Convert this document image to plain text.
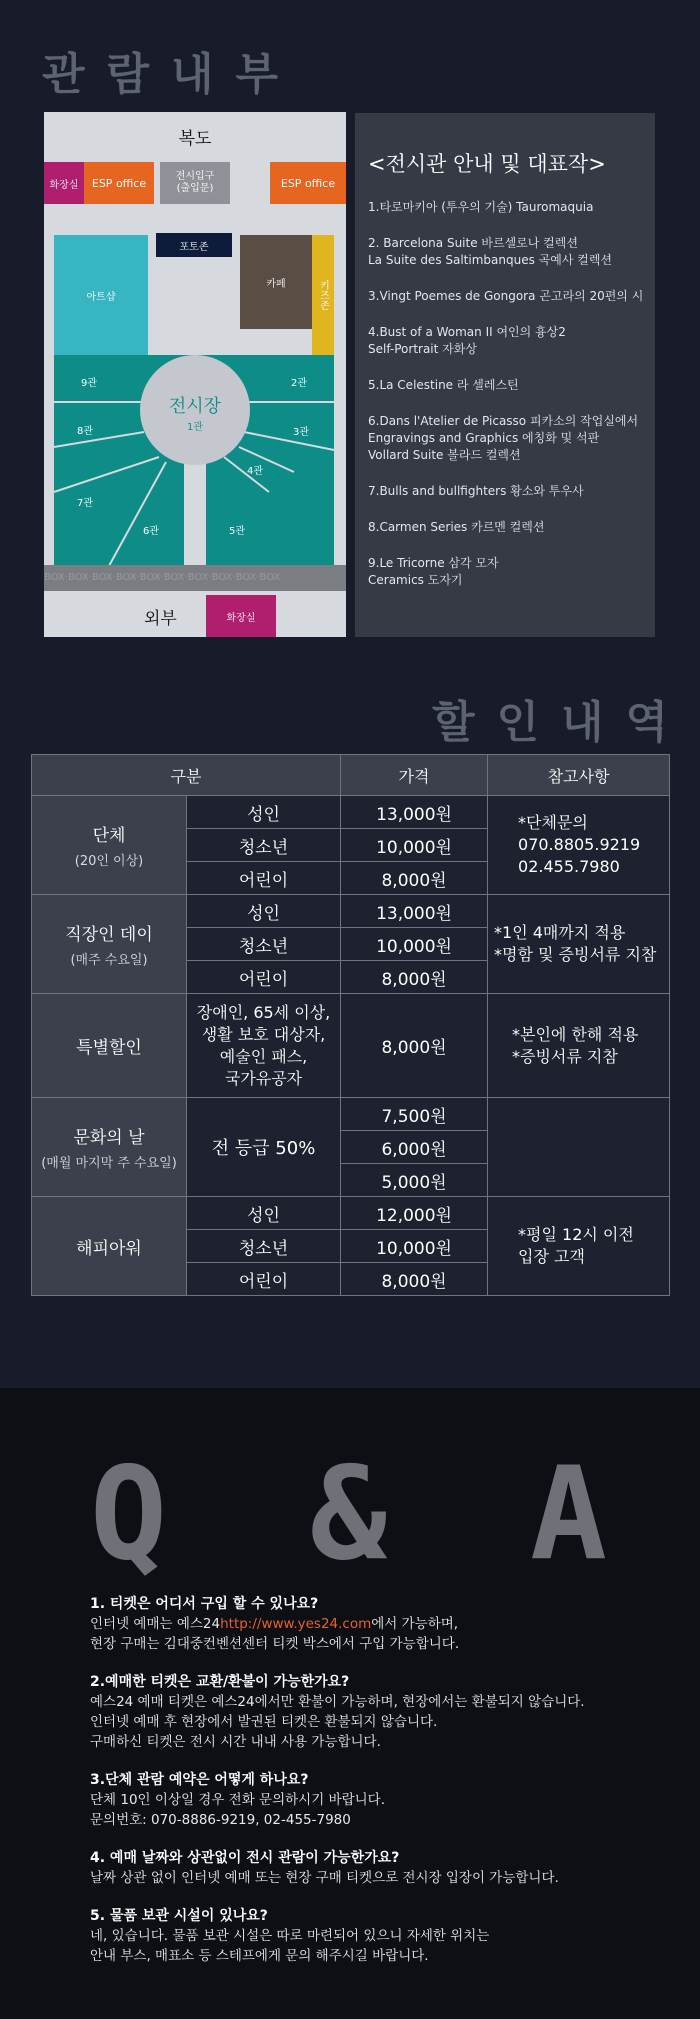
관람내부
복도
화장실	ESP office	전시입구
(출입문)	ESP office
포토존
아트샵
카페	키즈존
전시장
1관
9관	2관
8관	3관
4관
7관
6관	5관
BOX·BOX·BOX·BOX·BOX·BOX·BOX·BOX·BOX·BOX
외부	화장실
<전시관 안내 및 대표작>
1.타로마키아 (투우의 기술) Tauromaquia
2. Barcelona Suite 바르셀로나 컬렉션
La Suite des Saltimbanques 곡예사 컬렉션
3.Vingt Poemes de Gongora 곤고라의 20편의 시
4.Bust of a Woman II 여인의 흉상2
Self-Portrait 자화상
5.La Celestine 라 셀레스틴
6.Dans l'Atelier de Picasso 피카소의 작업실에서
Engravings and Graphics 에칭화 및 석판
Vollard Suite 볼라드 컬렉션
7.Bulls and bullfighters 황소와 투우사
8.Carmen Series 카르멘 컬렉션
9.Le Tricorne 삼각 모자
Ceramics 도자기
할인내역
구분		가격	참고사항
단체
(20인 이상)	성인	13,000원	*단체문의
070.8805.9219
02.455.7980
	청소년	10,000원	
	어린이	8,000원	
직장인 데이
(매주 수요일)	성인	13,000원	*1인 4매까지 적용
*명함 및 증빙서류 지참
	청소년	10,000원	
	어린이	8,000원	
특별할인	장애인, 65세 이상,
생활 보호 대상자,
예술인 패스,
국가유공자	8,000원	*본인에 한해 적용
*증빙서류 지참
문화의 날
(매월 마지막 주 수요일)	전 등급 50%	7,500원	
		6,000원	
		5,000원	
해피아워	성인	12,000원	*평일 12시 이전
입장 고객
	청소년	10,000원	
	어린이	8,000원	
Q & A
1. 티켓은 어디서 구입 할 수 있나요?
인터넷 예매는 예스24http://www.yes24.com에서 가능하며,
현장 구매는 김대중컨벤션센터 티켓 박스에서 구입 가능합니다.
2.예매한 티켓은 교환/환불이 가능한가요?
예스24 예매 티켓은 예스24에서만 환불이 가능하며, 현장에서는 환불되지 않습니다.
인터넷 예매 후 현장에서 발권된 티켓은 환불되지 않습니다.
구매하신 티켓은 전시 시간 내내 사용 가능합니다.
3.단체 관람 예약은 어떻게 하나요?
단체 10인 이상일 경우 전화 문의하시기 바랍니다.
문의번호: 070-8886-9219, 02-455-7980
4. 예매 날짜와 상관없이 전시 관람이 가능한가요?
날짜 상관 없이 인터넷 예매 또는 현장 구매 티켓으로 전시장 입장이 가능합니다.
5. 물품 보관 시설이 있나요?
네, 있습니다. 물품 보관 시설은 따로 마련되어 있으니 자세한 위치는
안내 부스, 매표소 등 스테프에게 문의 해주시길 바랍니다.
